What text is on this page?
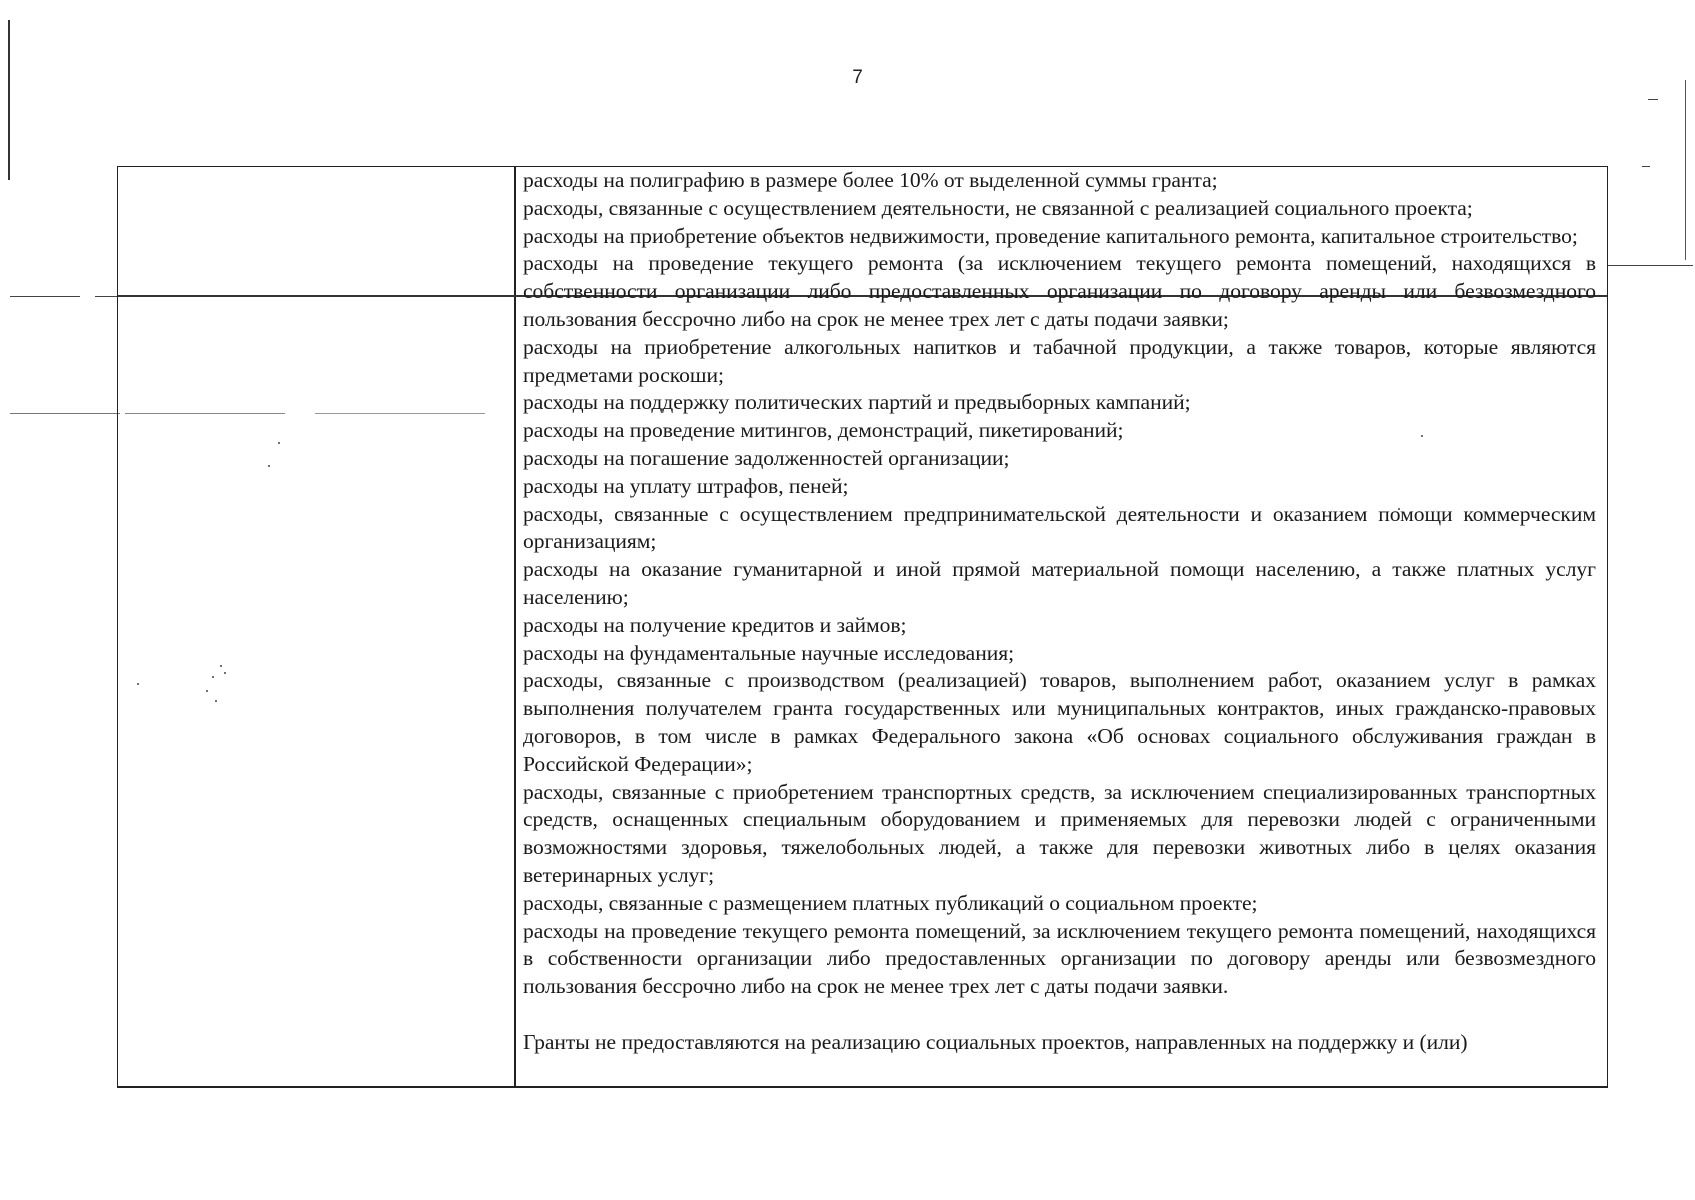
7

расходы на полиграфию в размере более 10% от выделенной суммы гранта;

расходы, связанные с осуществлением деятельности, не связанной с реализацией социального проекта;

расходы на приобретение объектов недвижимости, проведение капитального ремонта, капитальное строительство;

расходы на проведение текущего ремонта (за исключением текущего ремонта помещений, находящихся в собственности организации либо предоставленных организации по договору аренды или безвозмездного пользования бессрочно либо на срок не менее трех лет с даты подачи заявки;

расходы на приобретение алкогольных напитков и табачной продукции, а также товаров, которые являются предметами роскоши;

расходы на поддержку политических партий и предвыборных кампаний;

расходы на проведение митингов, демонстраций, пикетирований;

расходы на погашение задолженностей организации;

расходы на уплату штрафов, пеней;

расходы, связанные с осуществлением предпринимательской деятельности и оказанием помощи коммерческим организациям;

расходы на оказание гуманитарной и иной прямой материальной помощи населению, а также платных услуг населению;

расходы на получение кредитов и займов;

расходы на фундаментальные научные исследования;

расходы, связанные с производством (реализацией) товаров, выполнением работ, оказанием услуг в рамках выполнения получателем гранта государственных или муниципальных контрактов, иных гражданско-правовых договоров, в том числе в рамках Федерального закона «Об основах социального обслуживания граждан в Российской Федерации»;

расходы, связанные с приобретением транспортных средств, за исключением специализированных транспортных средств, оснащенных специальным оборудованием и применяемых для перевозки людей с ограниченными возможностями здоровья, тяжелобольных людей, а также для перевозки животных либо в целях оказания ветеринарных услуг;

расходы, связанные с размещением платных публикаций о социальном проекте;

расходы на проведение текущего ремонта помещений, за исключением текущего ремонта помещений, находящихся в собственности организации либо предоставленных организации по договору аренды или безвозмездного пользования бессрочно либо на срок не менее трех лет с даты подачи заявки.

Гранты не предоставляются на реализацию социальных проектов, направленных на поддержку и (или)
